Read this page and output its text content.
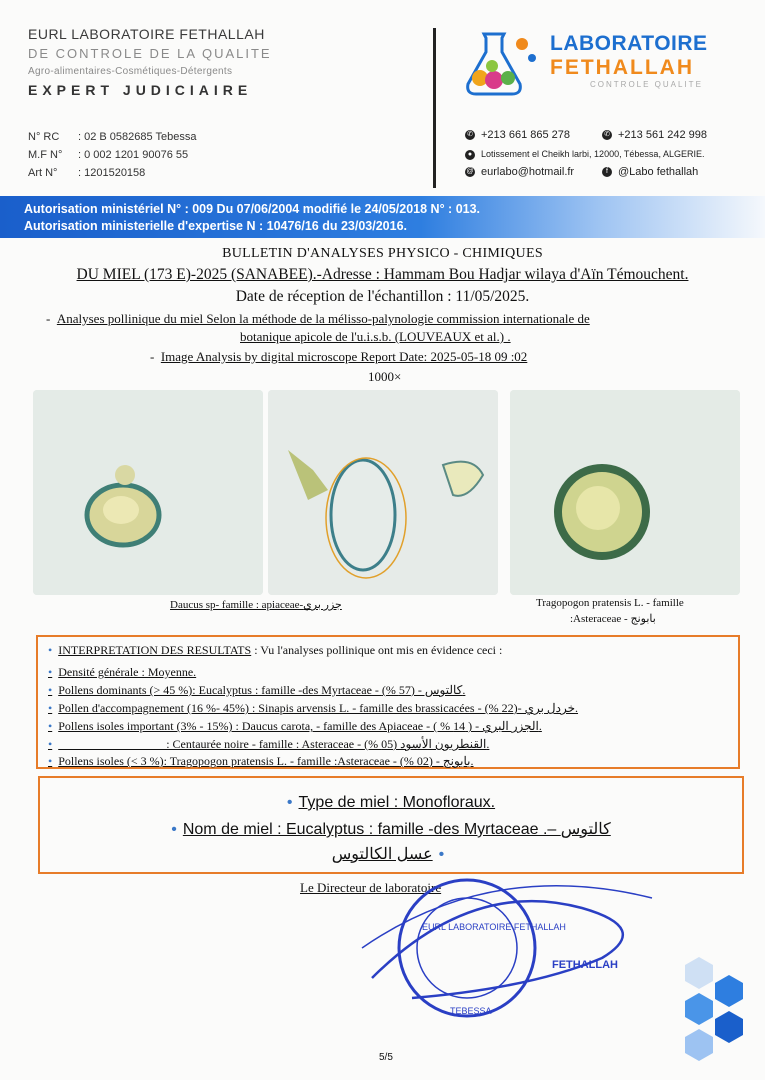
EURL LABORATOIRE FETHALLAH
DE CONTROLE DE LA QUALITE
Agro-alimentaires-Cosmétiques-Détergents
EXPERT JUDICIAIRE
N° RC : 02 B 0582685 Tebessa
M.F N° : 0 002 1201 90076 55
Art N° : 1201520158
LABORATOIRE
FETHALLAH
CONTROLE QUALITE
✆ +213 661 865 278	✆ +213 561 242 998
● Lotissement el Cheikh larbi, 12000, Tébessa, ALGERIE.
@ eurlabo@hotmail.fr	f @Labo fethallah
Autorisation ministériel N° : 009 Du 07/06/2004 modifié le 24/05/2018 N° : 013.
Autorisation ministerielle d'expertise N : 10476/16 du 23/03/2016.
BULLETIN D'ANALYSES PHYSICO - CHIMIQUES
DU MIEL (173 E)-2025 (SANABEE).-Adresse : Hammam Bou Hadjar wilaya d'Aïn Témouchent.
Date de réception de l'échantillon : 11/05/2025.
-  Analyses pollinique du miel Selon la méthode de la mélisso-palynologie commission internationale de
botanique apicole de l'u.i.s.b. (LOUVEAUX et al.) .
-  Image Analysis by digital microscope Report Date: 2025-05-18 09 :02
1000×
Daucus sp- famille : apiaceae-جزر بري	Tragopogon pratensis L. - famille
:Asteraceae - بابونج
• INTERPRETATION DES RESULTATS : Vu l'analyses pollinique ont mis en évidence ceci :
• Densité générale : Moyenne.
• Pollens dominants (> 45 %): Eucalyptus : famille -des Myrtaceae - كالتوس - (57 %).
• Pollen d'accompagnement (16 %- 45%) : Sinapis arvensis L. - famille des brassicacées - خردل بري -(22 %).
• Pollens isoles important (3% - 15%) : Daucus carota, - famille des Apiaceae - الجزر البري - ( 14 % ).
•                                     : Centaurée noire - famille : Asteraceae - القنطريون الأسود (05 %).
• Pollens isoles (< 3 %): Tragopogon pratensis L. - famille :Asteraceae - بابونج - (02 %).
• Type de miel : Monofloraux.
• Nom de miel : Eucalyptus : famille -des Myrtaceae .– كالتوس
عسل الكالتوس •
Le Directeur de laboratoire
EURL LABORATOIRE FETHALLAH
TEBESSA
FETHALLAH
5/5
